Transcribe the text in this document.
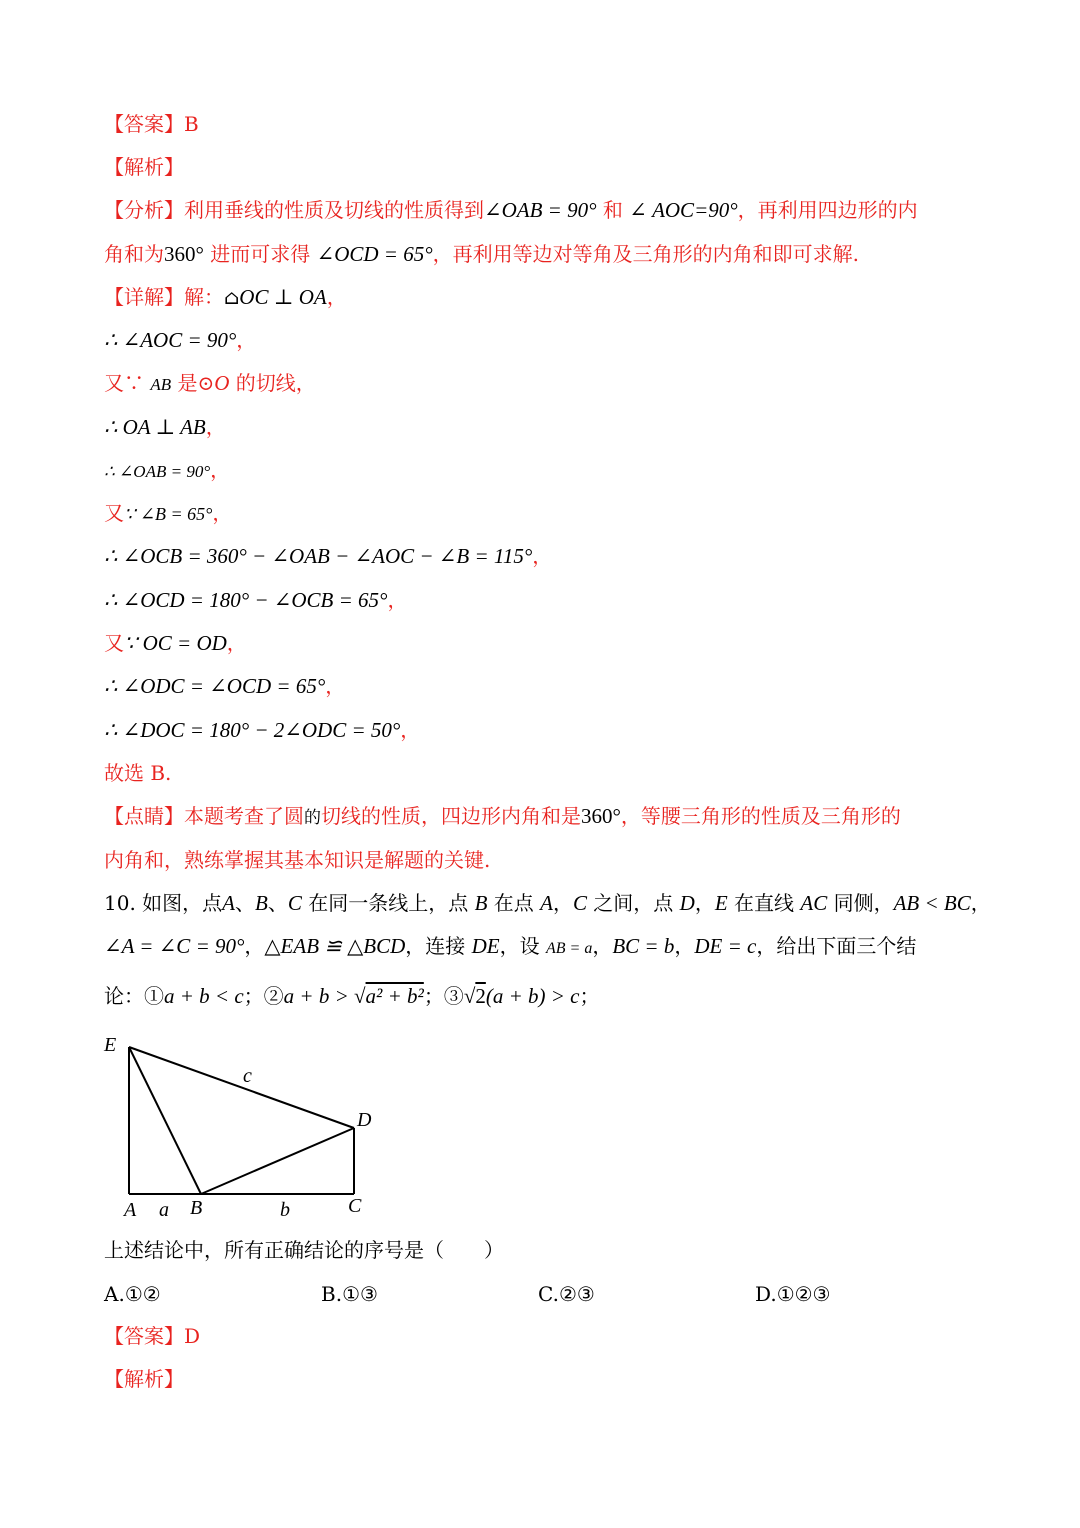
【答案】B
【解析】
【分析】利用垂线的性质及切线的性质得到∠OAB = 90° 和 ∠ AOC=90°，再利用四边形的内
角和为360° 进而可求得 ∠OCD = 65°，再利用等边对等角及三角形的内角和即可求解.
【详解】解：⌂OC ⊥ OA，
∴ ∠AOC = 90°，
又∵ AB 是⊙O 的切线，
∴ OA ⊥ AB，
∴ ∠OAB = 90°，
又∵ ∠B = 65°，
∴ ∠OCB = 360° − ∠OAB − ∠AOC − ∠B = 115°，
∴ ∠OCD = 180° − ∠OCB = 65°，
又∵ OC = OD，
∴ ∠ODC = ∠OCD = 65°，
∴ ∠DOC = 180° − 2∠ODC = 50°，
故选 B.
【点睛】本题考查了圆的切线的性质，四边形内角和是360°，等腰三角形的性质及三角形的
内角和，熟练掌握其基本知识是解题的关键.
10. 如图，点A、B、C 在同一条线上，点 B 在点 A，C 之间，点 D，E 在直线 AC 同侧，AB < BC，
∠A = ∠C = 90°，△EAB ≌ △BCD，连接 DE，设 AB = a，BC = b，DE = c，给出下面三个结
论：①a + b < c；②a + b > √a² + b²；③√2(a + b) > c；
E
c
D
A a B	b	C
上述结论中，所有正确结论的序号是（　　）
A.①②	B.①③	C.②③	D.①②③
【答案】D
【解析】
